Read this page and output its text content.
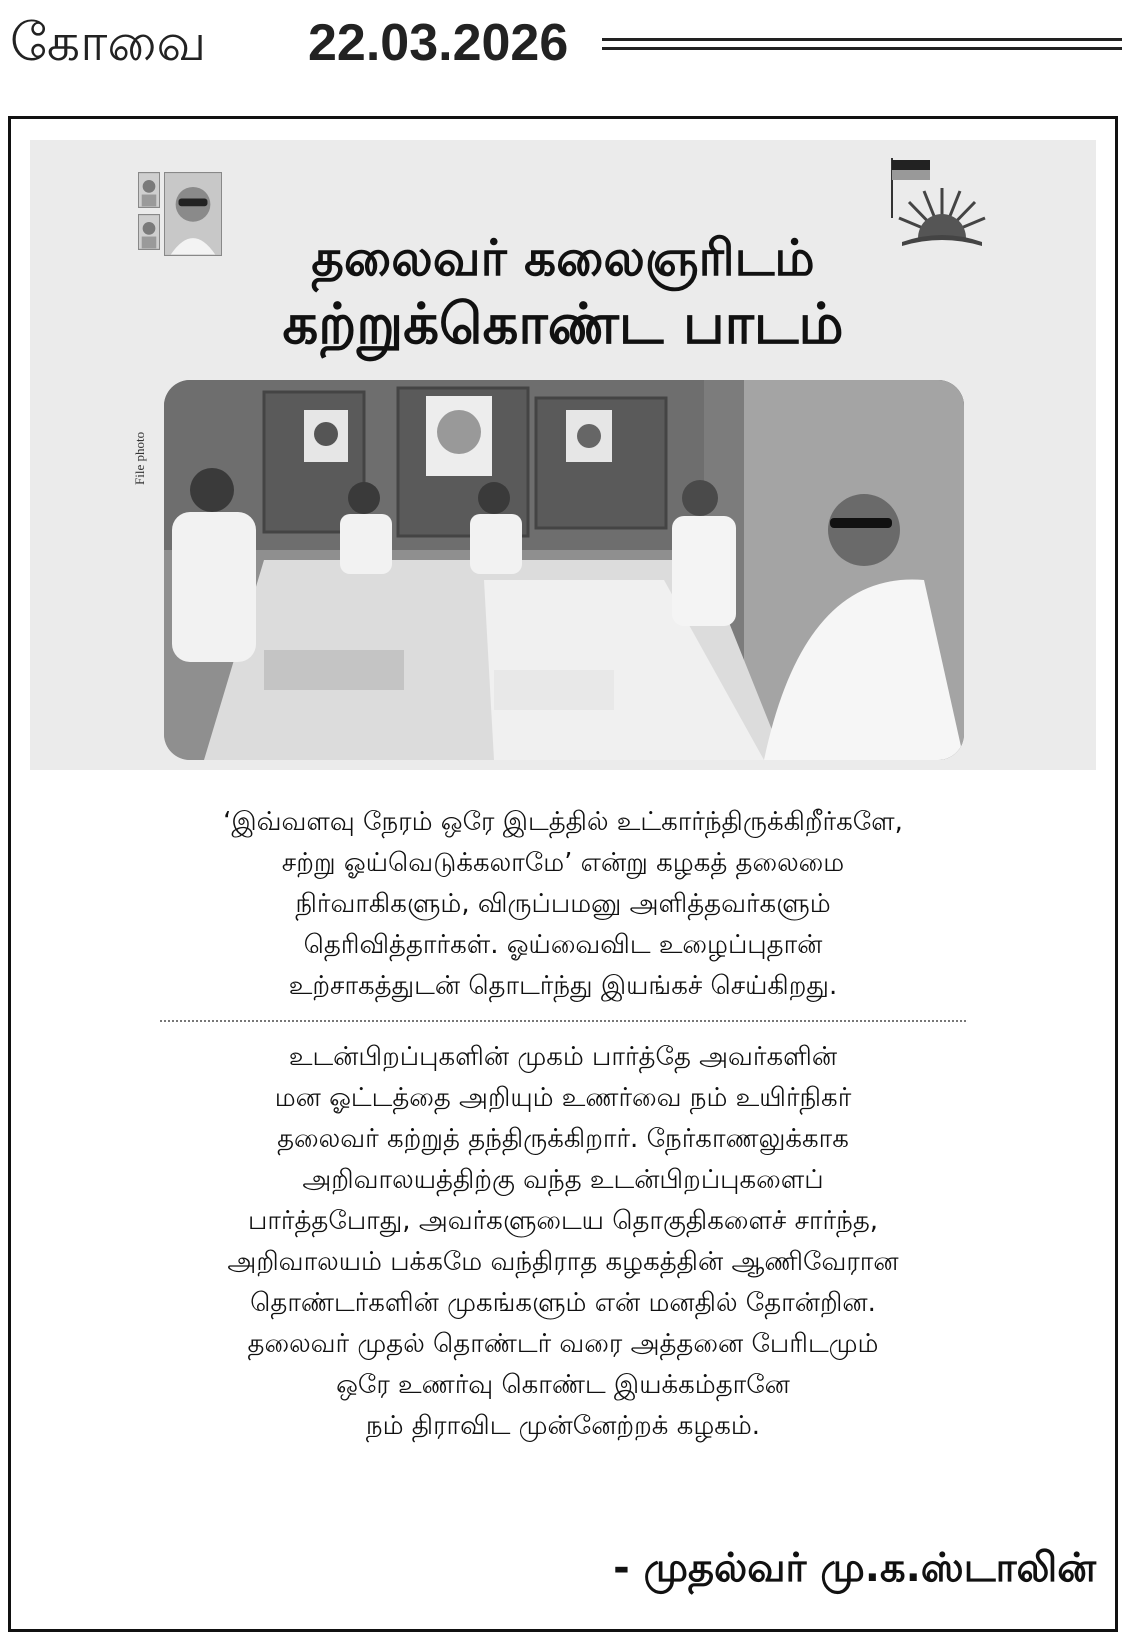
கோவை 22.03.2026
தலைவர் கலைஞரிடம்
கற்றுக்கொண்ட பாடம்
File photo
‘இவ்வளவு நேரம் ஒரே இடத்தில் உட்கார்ந்திருக்கிறீர்களே,
சற்று ஓய்வெடுக்கலாமே’ என்று கழகத் தலைமை
நிர்வாகிகளும், விருப்பமனு அளித்தவர்களும்
தெரிவித்தார்கள். ஓய்வைவிட உழைப்புதான்
உற்சாகத்துடன் தொடர்ந்து இயங்கச் செய்கிறது.
உடன்பிறப்புகளின் முகம் பார்த்தே அவர்களின்
மன ஓட்டத்தை அறியும் உணர்வை நம் உயிர்நிகர்
தலைவர் கற்றுத் தந்திருக்கிறார். நேர்காணலுக்காக
அறிவாலயத்திற்கு வந்த உடன்பிறப்புகளைப்
பார்த்தபோது, அவர்களுடைய தொகுதிகளைச் சார்ந்த,
அறிவாலயம் பக்கமே வந்திராத கழகத்தின் ஆணிவேரான
தொண்டர்களின் முகங்களும் என் மனதில் தோன்றின.
தலைவர் முதல் தொண்டர் வரை அத்தனை பேரிடமும்
ஒரே உணர்வு கொண்ட இயக்கம்தானே
நம் திராவிட முன்னேற்றக் கழகம்.
- முதல்வர் மு.க.ஸ்டாலின்
